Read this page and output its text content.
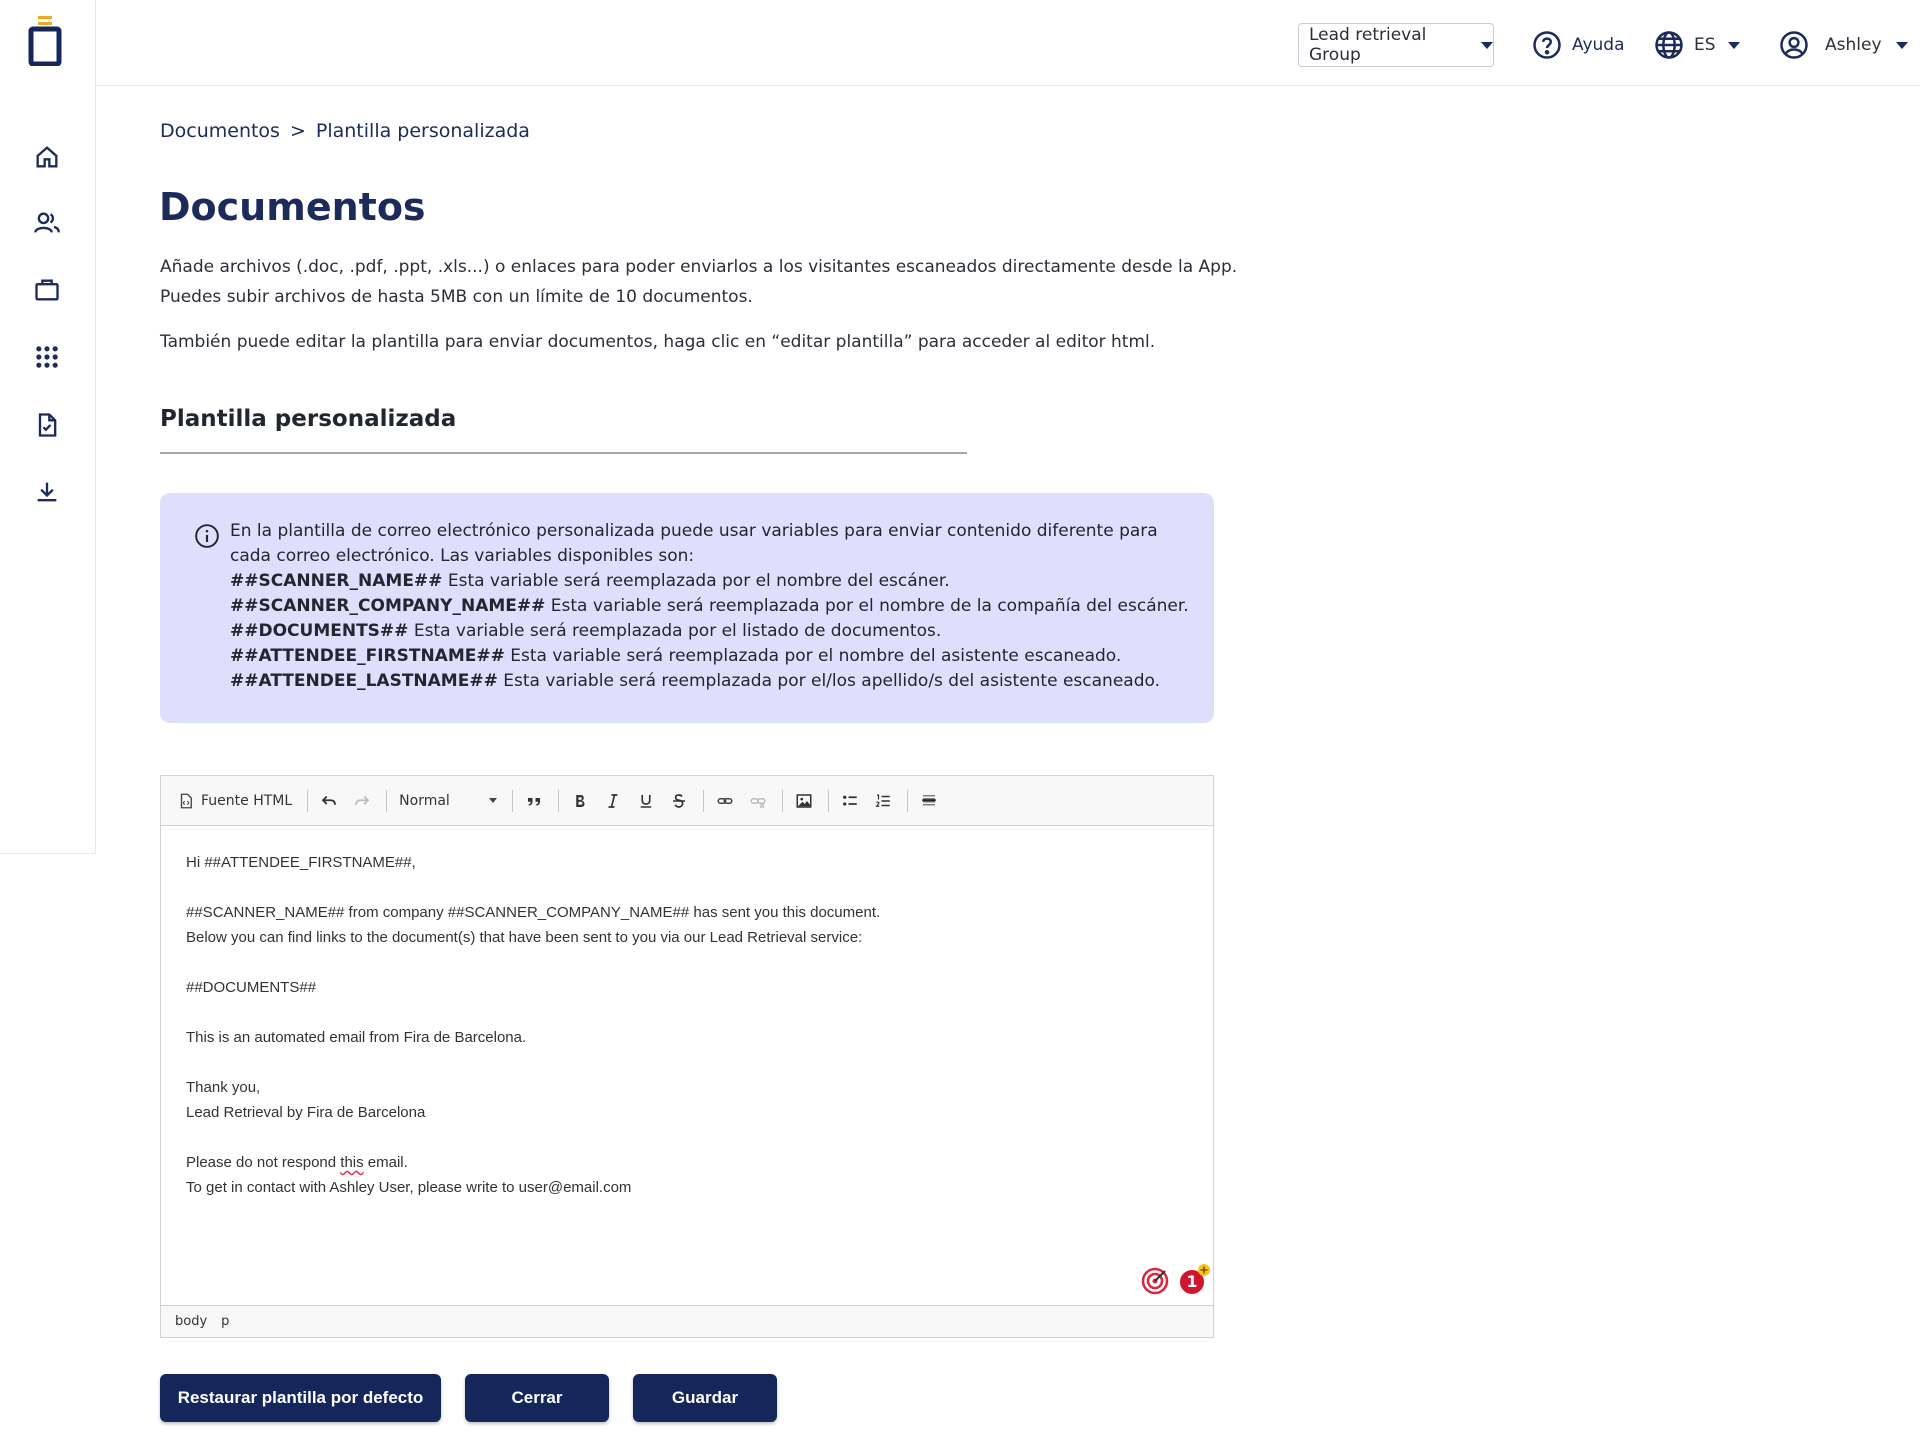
Lead retrieval Group	Ayuda	ES	Ashley
Documentos > Plantilla personalizada
Documentos
Añade archivos (.doc, .pdf, .ppt, .xls...) o enlaces para poder enviarlos a los visitantes escaneados directamente desde la App.
Puedes subir archivos de hasta 5MB con un límite de 10 documentos.
También puede editar la plantilla para enviar documentos, haga clic en “editar plantilla” para acceder al editor html.
Plantilla personalizada
En la plantilla de correo electrónico personalizada puede usar variables para enviar contenido diferente para cada correo electrónico. Las variables disponibles son:
##SCANNER_NAME## Esta variable será reemplazada por el nombre del escáner.
##SCANNER_COMPANY_NAME## Esta variable será reemplazada por el nombre de la compañía del escáner.
##DOCUMENTS## Esta variable será reemplazada por el listado de documentos.
##ATTENDEE_FIRSTNAME## Esta variable será reemplazada por el nombre del asistente escaneado.
##ATTENDEE_LASTNAME## Esta variable será reemplazada por el/los apellido/s del asistente escaneado.
Fuente HTML	Normal

Hi ##ATTENDEE_FIRSTNAME##,

##SCANNER_NAME## from company ##SCANNER_COMPANY_NAME## has sent you this document.

Below you can find links to the document(s) that have been sent to you via our Lead Retrieval service:

##DOCUMENTS##

This is an automated email from Fira de Barcelona.

Thank you,

Lead Retrieval by Fira de Barcelona

Please do not respond this email.

To get in contact with Ashley User, please write to user@email.com

1
body p
Restaurar plantilla por defecto	Cerrar	Guardar
